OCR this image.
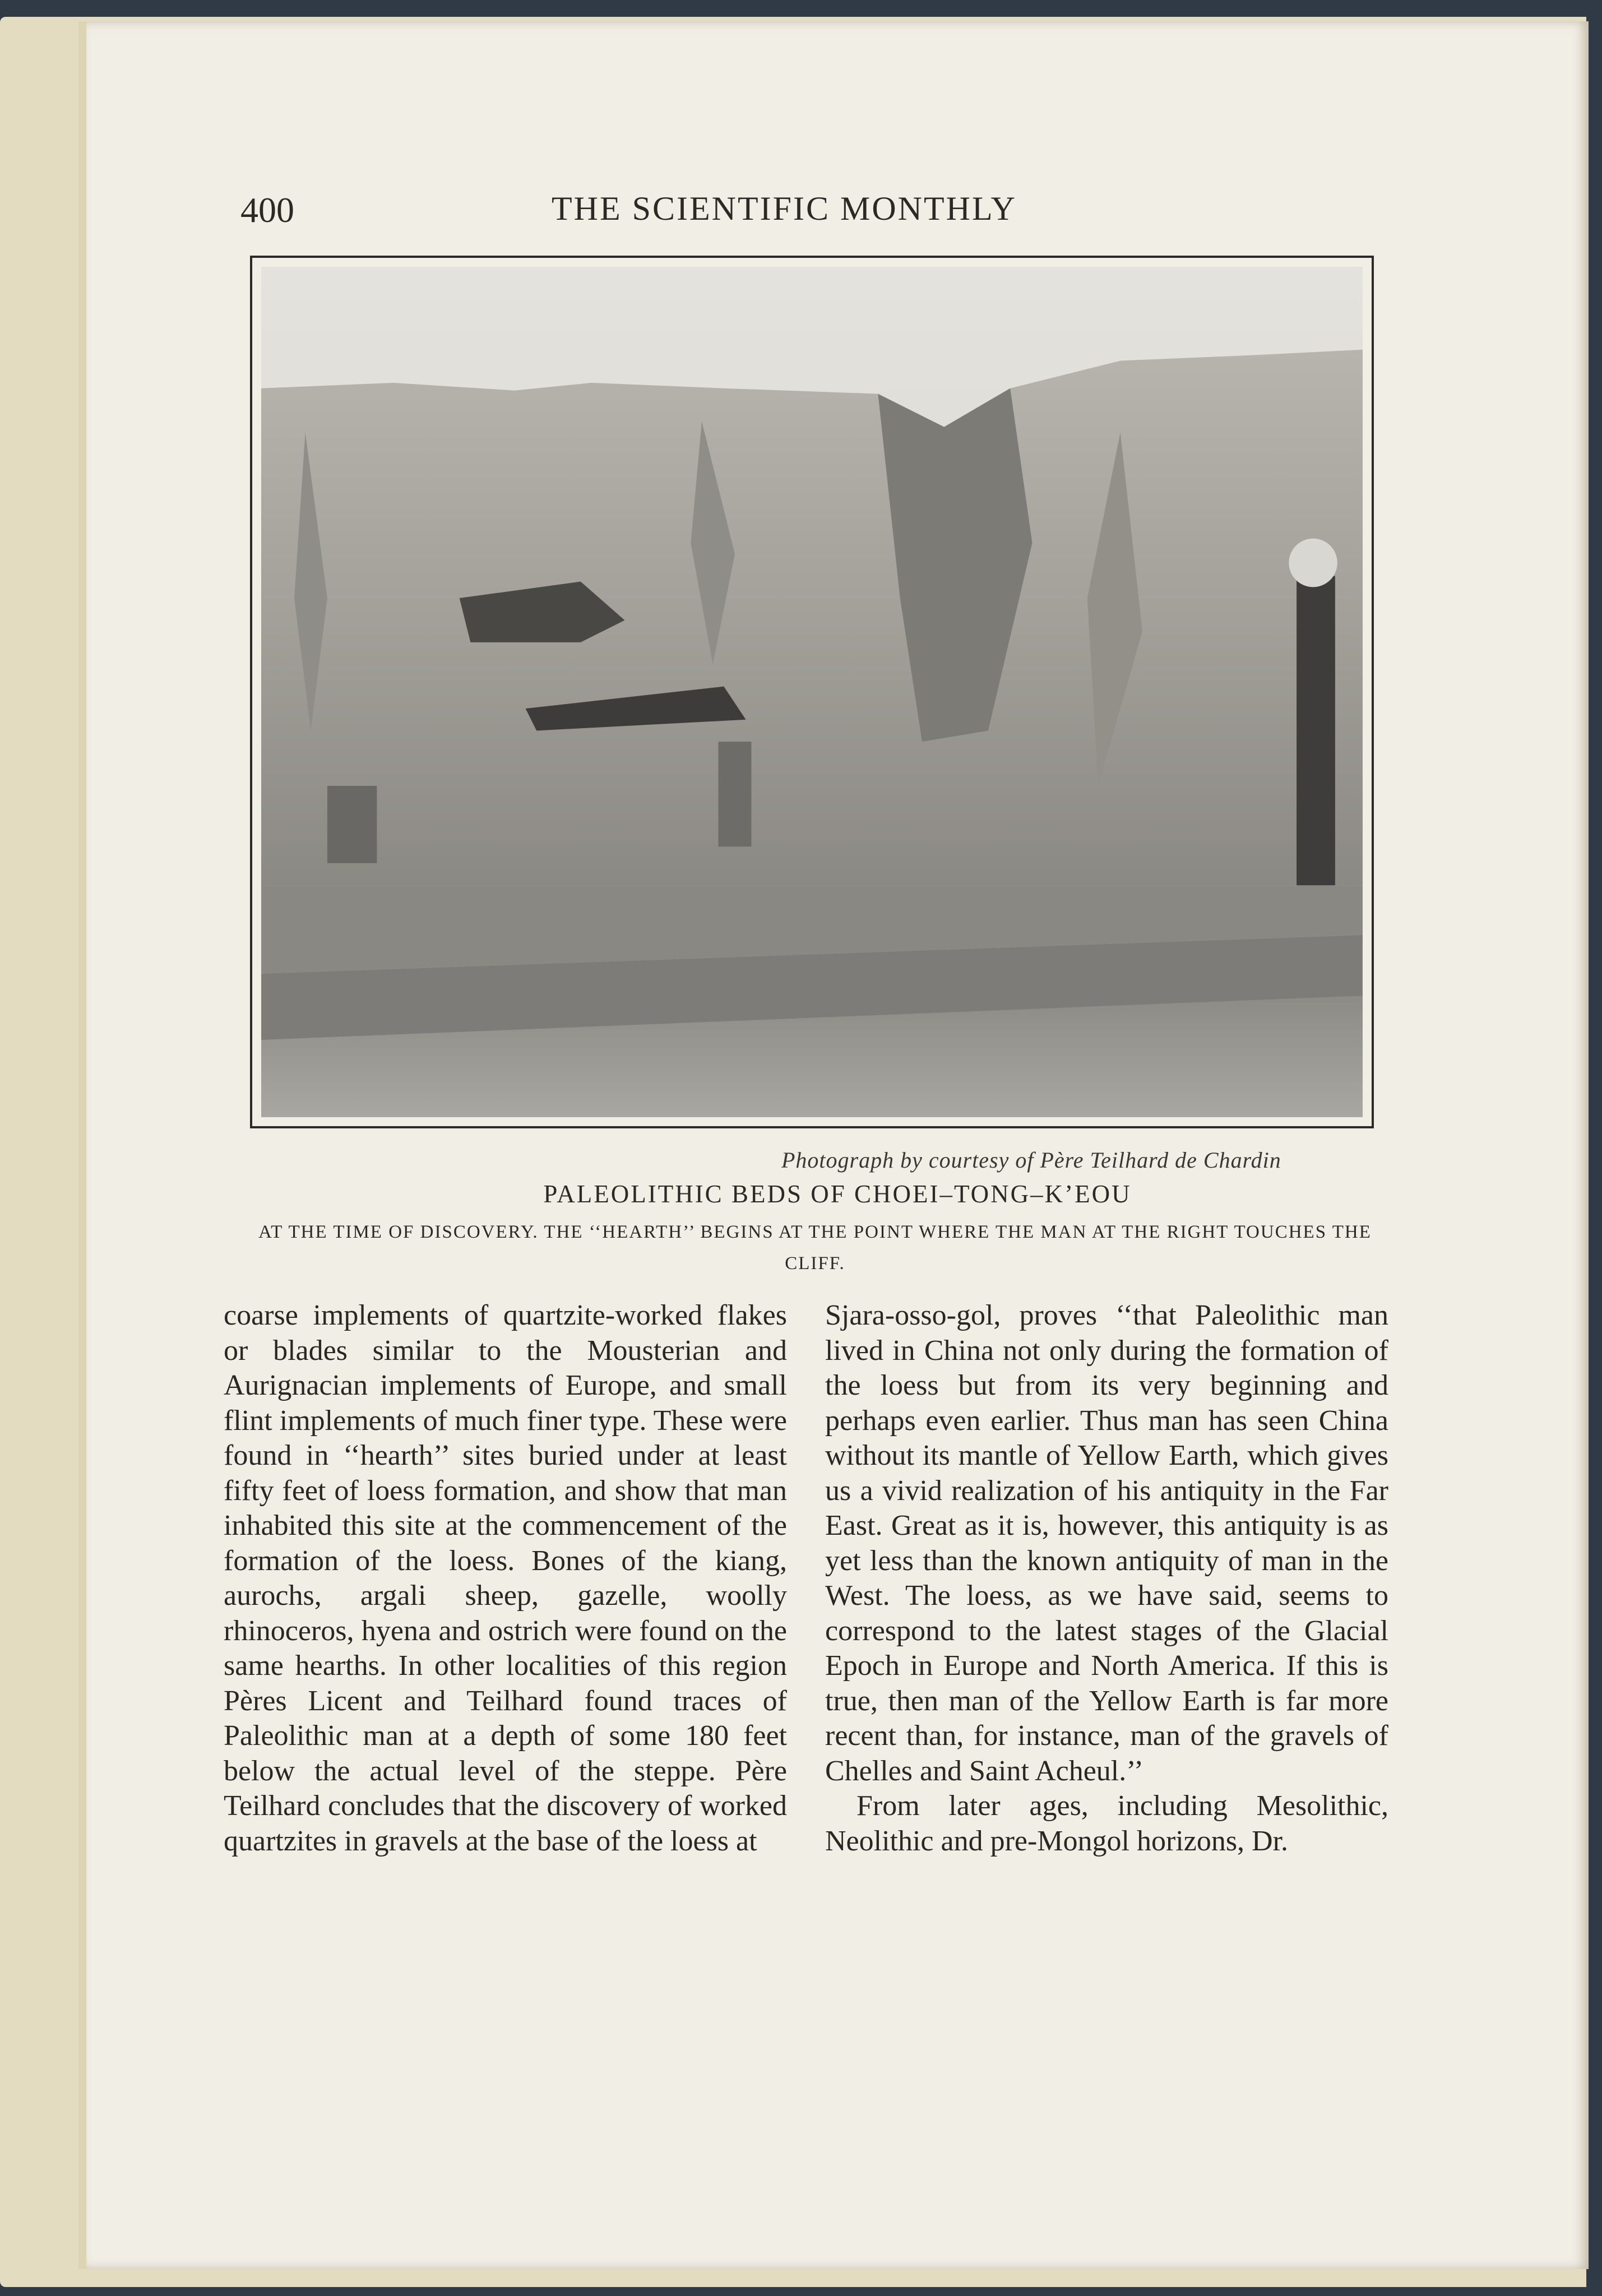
400	THE SCIENTIFIC MONTHLY
Photograph by courtesy of Père Teilhard de Chardin
PALEOLITHIC BEDS OF CHOEI–TONG–K’EOU
AT THE TIME OF DISCOVERY. THE ‘‘HEARTH’’ BEGINS AT THE POINT WHERE THE MAN AT THE RIGHT TOUCHES THE CLIFF.

coarse implements of quartzite-worked flakes or blades similar to the Mousterian and Aurignacian implements of Europe, and small flint implements of much finer type. These were found in ‘‘hearth’’ sites buried under at least fifty feet of loess formation, and show that man inhabited this site at the commencement of the formation of the loess. Bones of the kiang, aurochs, argali sheep, gazelle, woolly rhinoceros, hyena and ostrich were found on the same hearths. In other localities of this region Pères Licent and Teilhard found traces of Paleolithic man at a depth of some 180 feet below the actual level of the steppe. Père Teilhard concludes that the discovery of worked quartzites in gravels at the base of the loess at

Sjara-osso-gol, proves ‘‘that Paleolithic man lived in China not only during the formation of the loess but from its very beginning and perhaps even earlier. Thus man has seen China without its mantle of Yellow Earth, which gives us a vivid realization of his antiquity in the Far East. Great as it is, however, this antiquity is as yet less than the known antiquity of man in the West. The loess, as we have said, seems to correspond to the latest stages of the Glacial Epoch in Europe and North America. If this is true, then man of the Yellow Earth is far more recent than, for instance, man of the gravels of Chelles and Saint Acheul.’’

From later ages, including Mesolithic, Neolithic and pre-Mongol horizons, Dr.
